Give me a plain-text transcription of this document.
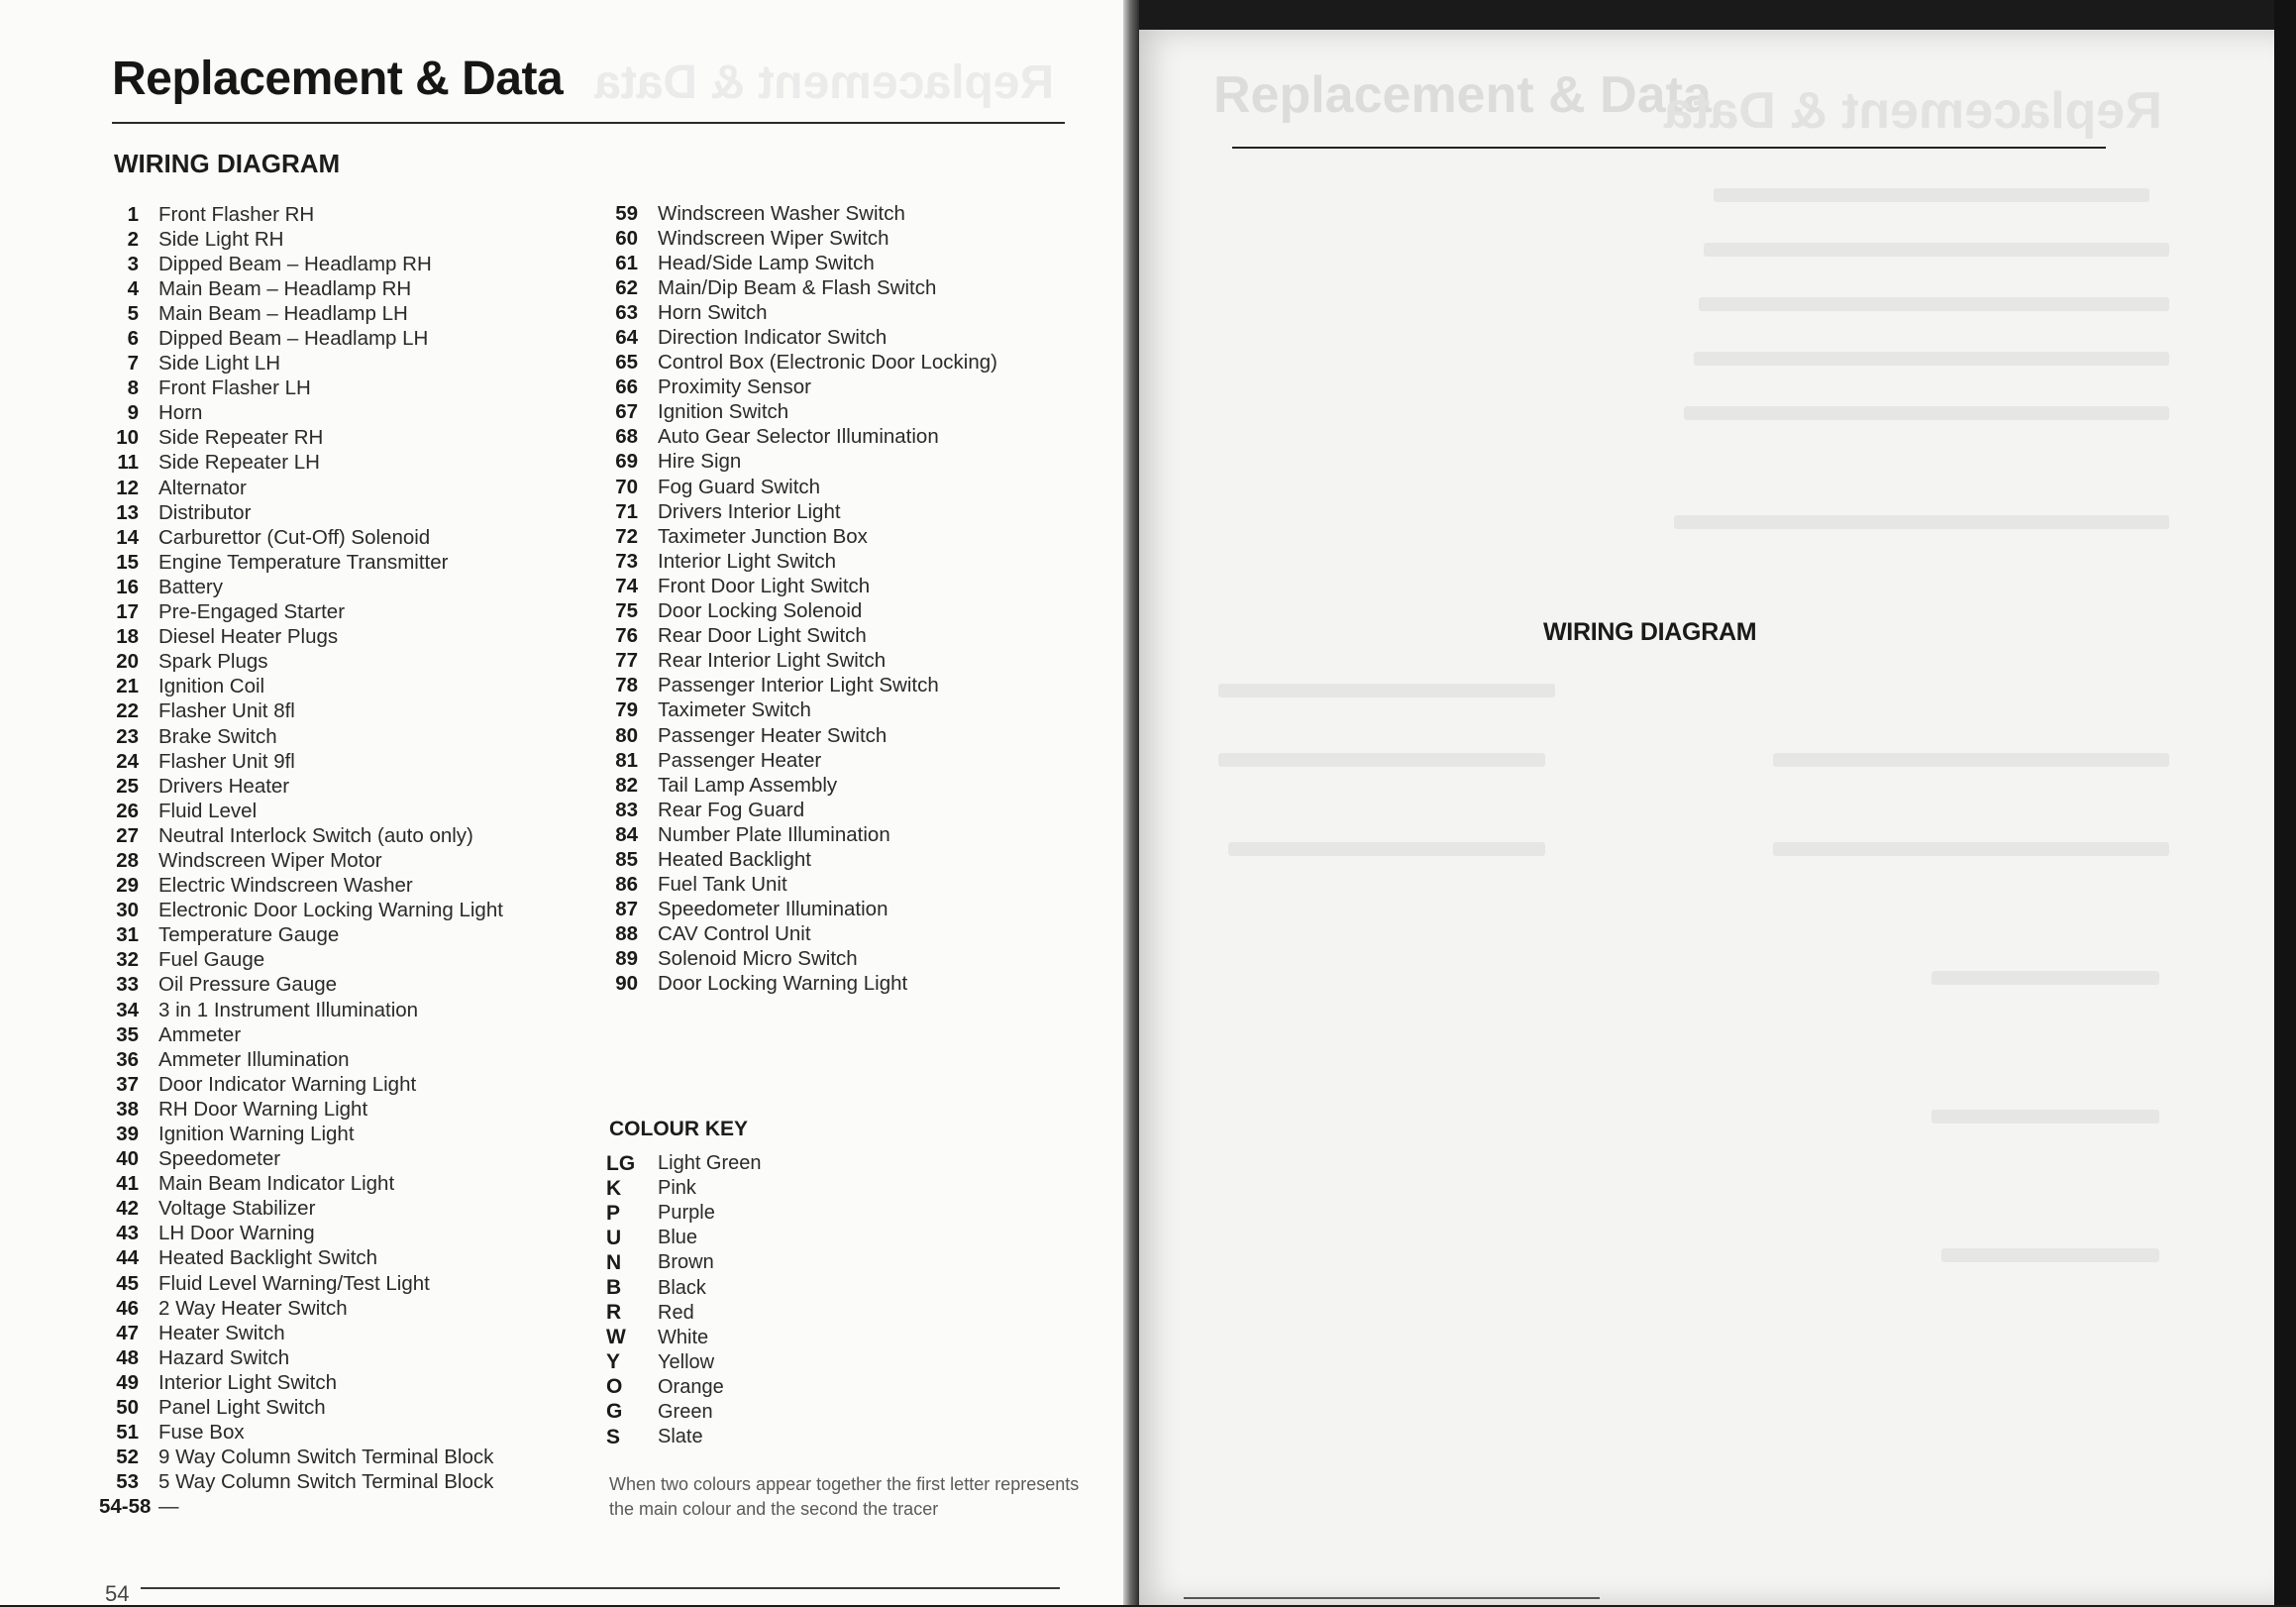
Replacement & Data
Replacement & Data
WIRING DIAGRAM
1 Front Flasher RH
2 Side Light RH
3 Dipped Beam – Headlamp RH
4 Main Beam – Headlamp RH
5 Main Beam – Headlamp LH
6 Dipped Beam – Headlamp LH
7 Side Light LH
8 Front Flasher LH
9 Horn
10 Side Repeater RH
11 Side Repeater LH
12 Alternator
13 Distributor
14 Carburettor (Cut-Off) Solenoid
15 Engine Temperature Transmitter
16 Battery
17 Pre-Engaged Starter
18 Diesel Heater Plugs
20 Spark Plugs
21 Ignition Coil
22 Flasher Unit 8fl
23 Brake Switch
24 Flasher Unit 9fl
25 Drivers Heater
26 Fluid Level
27 Neutral Interlock Switch (auto only)
28 Windscreen Wiper Motor
29 Electric Windscreen Washer
30 Electronic Door Locking Warning Light
31 Temperature Gauge
32 Fuel Gauge
33 Oil Pressure Gauge
34 3 in 1 Instrument Illumination
35 Ammeter
36 Ammeter Illumination
37 Door Indicator Warning Light
38 RH Door Warning Light
39 Ignition Warning Light
40 Speedometer
41 Main Beam Indicator Light
42 Voltage Stabilizer
43 LH Door Warning
44 Heated Backlight Switch
45 Fluid Level Warning/Test Light
46 2 Way Heater Switch
47 Heater Switch
48 Hazard Switch
49 Interior Light Switch
50 Panel Light Switch
51 Fuse Box
52 9 Way Column Switch Terminal Block
53 5 Way Column Switch Terminal Block
54-58 —
59 Windscreen Washer Switch
60 Windscreen Wiper Switch
61 Head/Side Lamp Switch
62 Main/Dip Beam & Flash Switch
63 Horn Switch
64 Direction Indicator Switch
65 Control Box (Electronic Door Locking)
66 Proximity Sensor
67 Ignition Switch
68 Auto Gear Selector Illumination
69 Hire Sign
70 Fog Guard Switch
71 Drivers Interior Light
72 Taximeter Junction Box
73 Interior Light Switch
74 Front Door Light Switch
75 Door Locking Solenoid
76 Rear Door Light Switch
77 Rear Interior Light Switch
78 Passenger Interior Light Switch
79 Taximeter Switch
80 Passenger Heater Switch
81 Passenger Heater
82 Tail Lamp Assembly
83 Rear Fog Guard
84 Number Plate Illumination
85 Heated Backlight
86 Fuel Tank Unit
87 Speedometer Illumination
88 CAV Control Unit
89 Solenoid Micro Switch
90 Door Locking Warning Light
COLOUR KEY
LG Light Green
K	Pink
P	Purple
U	Blue
N	Brown
B	Black
R	Red
W White
Y	Yellow
O	Orange
G	Green
S	Slate
When two colours appear together the first letter represents the main colour and the second the tracer
54
Replacement & Data
Replacement & Data
WIRING DIAGRAM
